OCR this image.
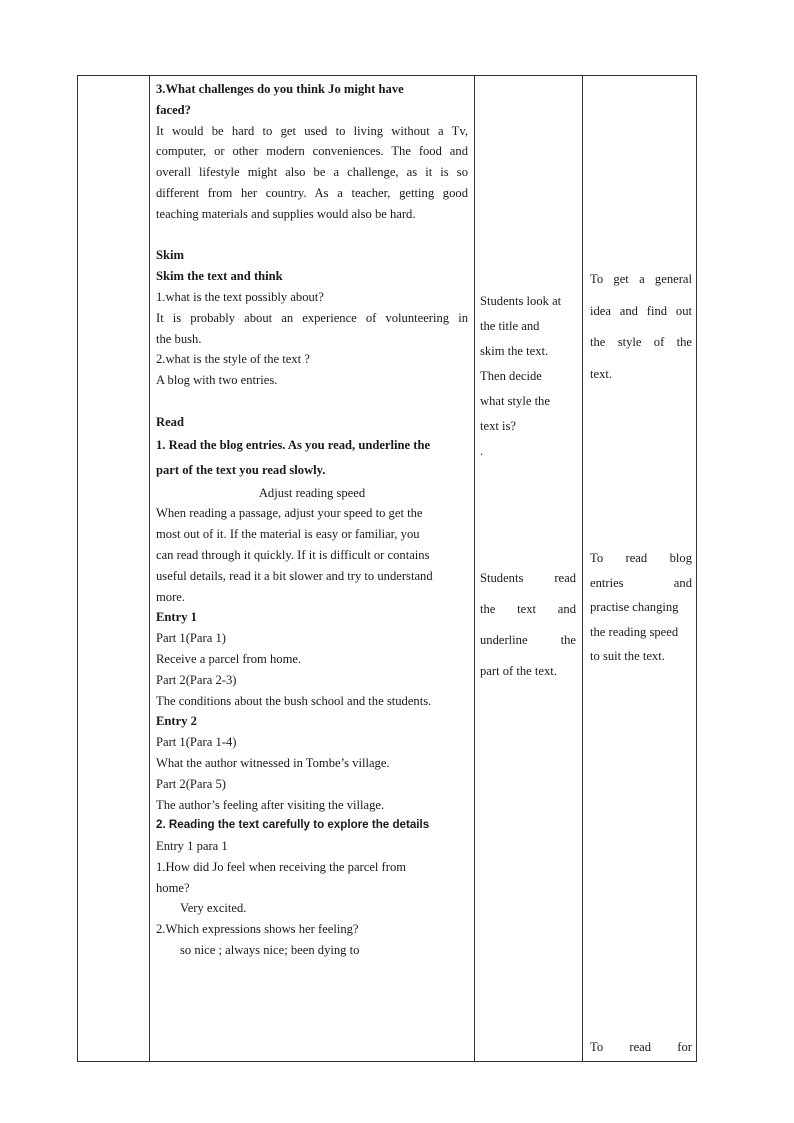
3.What challenges do you think Jo might have
faced?
It would be hard to get used to living without a Tv,
computer, or other modern conveniences. The food and
overall lifestyle might also be a challenge, as it is so
different from her country. As a teacher, getting good
teaching materials and supplies would also be hard.
Skim
Skim the text and think
1.what is the text possibly about?
It is probably about an experience of volunteering in
the bush.
2.what is the style of the text ?
A blog with two entries.
Read
1. Read the blog entries. As you read, underline the
part of the text you read slowly.
Adjust reading speed
When reading a passage, adjust your speed to get the
most out of it. If the material is easy or familiar, you
can read through it quickly. If it is difficult or contains
useful details, read it a bit slower and try to understand
more.
Entry 1
Part 1(Para 1)
Receive a parcel from home.
Part 2(Para 2-3)
The conditions about the bush school and the students.
Entry 2
Part 1(Para 1-4)
What the author witnessed in Tombe’s village.
Part 2(Para 5)
The author’s feeling after visiting the village.
2. Reading the text carefully to explore the details
Entry 1 para 1
1.How did Jo feel when receiving the parcel from
home?
Very excited.
2.Which expressions shows her feeling?
so nice ; always nice; been dying to
Students look at
the title and
skim the text.
Then decide
what style the
text is?
.
Students read
the text and
underline the
part of the text.
To get a general
idea and find out
the style of the
text.
To read blog
entries and
practise changing
the reading speed
to suit the text.
To read for
